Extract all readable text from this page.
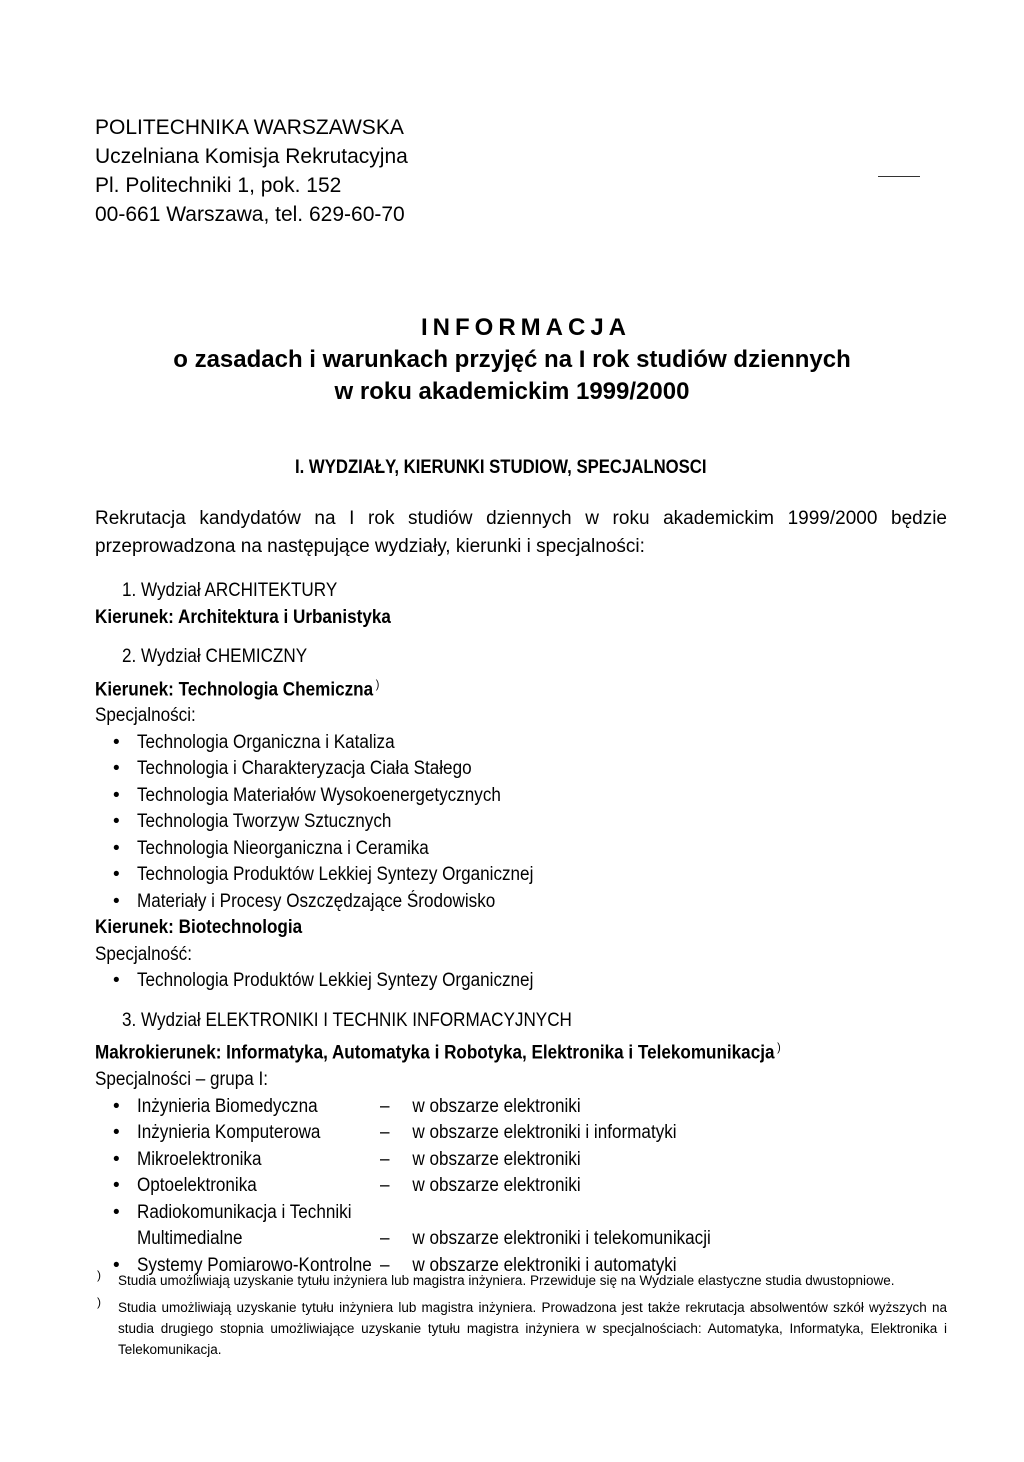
POLITECHNIKA WARSZAWSKA
Uczelniana Komisja Rekrutacyjna
Pl. Politechniki 1, pok. 152
00-661 Warszawa, tel. 629-60-70
INFORMACJA
o zasadach i warunkach przyjęć na I rok studiów dziennych
w roku akademickim 1999/2000
I. WYDZIAŁY, KIERUNKI STUDIOW, SPECJALNOSCI
Rekrutacja kandydatów na I rok studiów dziennych w roku akademickim 1999/2000 będzie przeprowadzona na następujące wydziały, kierunki i specjalności:
1. Wydział ARCHITEKTURY
Kierunek: Architektura i Urbanistyka
2. Wydział CHEMICZNY
Kierunek: Technologia Chemiczna )
Specjalności:
• Technologia Organiczna i Kataliza
• Technologia i Charakteryzacja Ciała Stałego
• Technologia Materiałów Wysokoenergetycznych
• Technologia Tworzyw Sztucznych
• Technologia Nieorganiczna i Ceramika
• Technologia Produktów Lekkiej Syntezy Organicznej
• Materiały i Procesy Oszczędzające Środowisko
Kierunek: Biotechnologia
Specjalność:
• Technologia Produktów Lekkiej Syntezy Organicznej
3. Wydział ELEKTRONIKI I TECHNIK INFORMACYJNYCH
Makrokierunek: Informatyka, Automatyka i Robotyka, Elektronika i Telekomunikacja )
Specjalności – grupa I:
• Inżynieria Biomedyczna	–	w obszarze elektroniki
• Inżynieria Komputerowa	–	w obszarze elektroniki i informatyki
• Mikroelektronika	–	w obszarze elektroniki
• Optoelektronika	–	w obszarze elektroniki
• Radiokomunikacja i Techniki Multimedialne	–	w obszarze elektroniki i telekomunikacji
• Systemy Pomiarowo-Kontrolne –	w obszarze elektroniki i automatyki
) Studia umożliwiają uzyskanie tytułu inżyniera lub magistra inżyniera. Przewiduje się na Wydziale elastyczne studia dwustopniowe.
) Studia umożliwiają uzyskanie tytułu inżyniera lub magistra inżyniera. Prowadzona jest także rekrutacja absolwentów szkół wyższych na studia drugiego stopnia umożliwiające uzyskanie tytułu magistra inżyniera w specjalnościach: Automatyka, Informatyka, Elektronika i Telekomunikacja.
